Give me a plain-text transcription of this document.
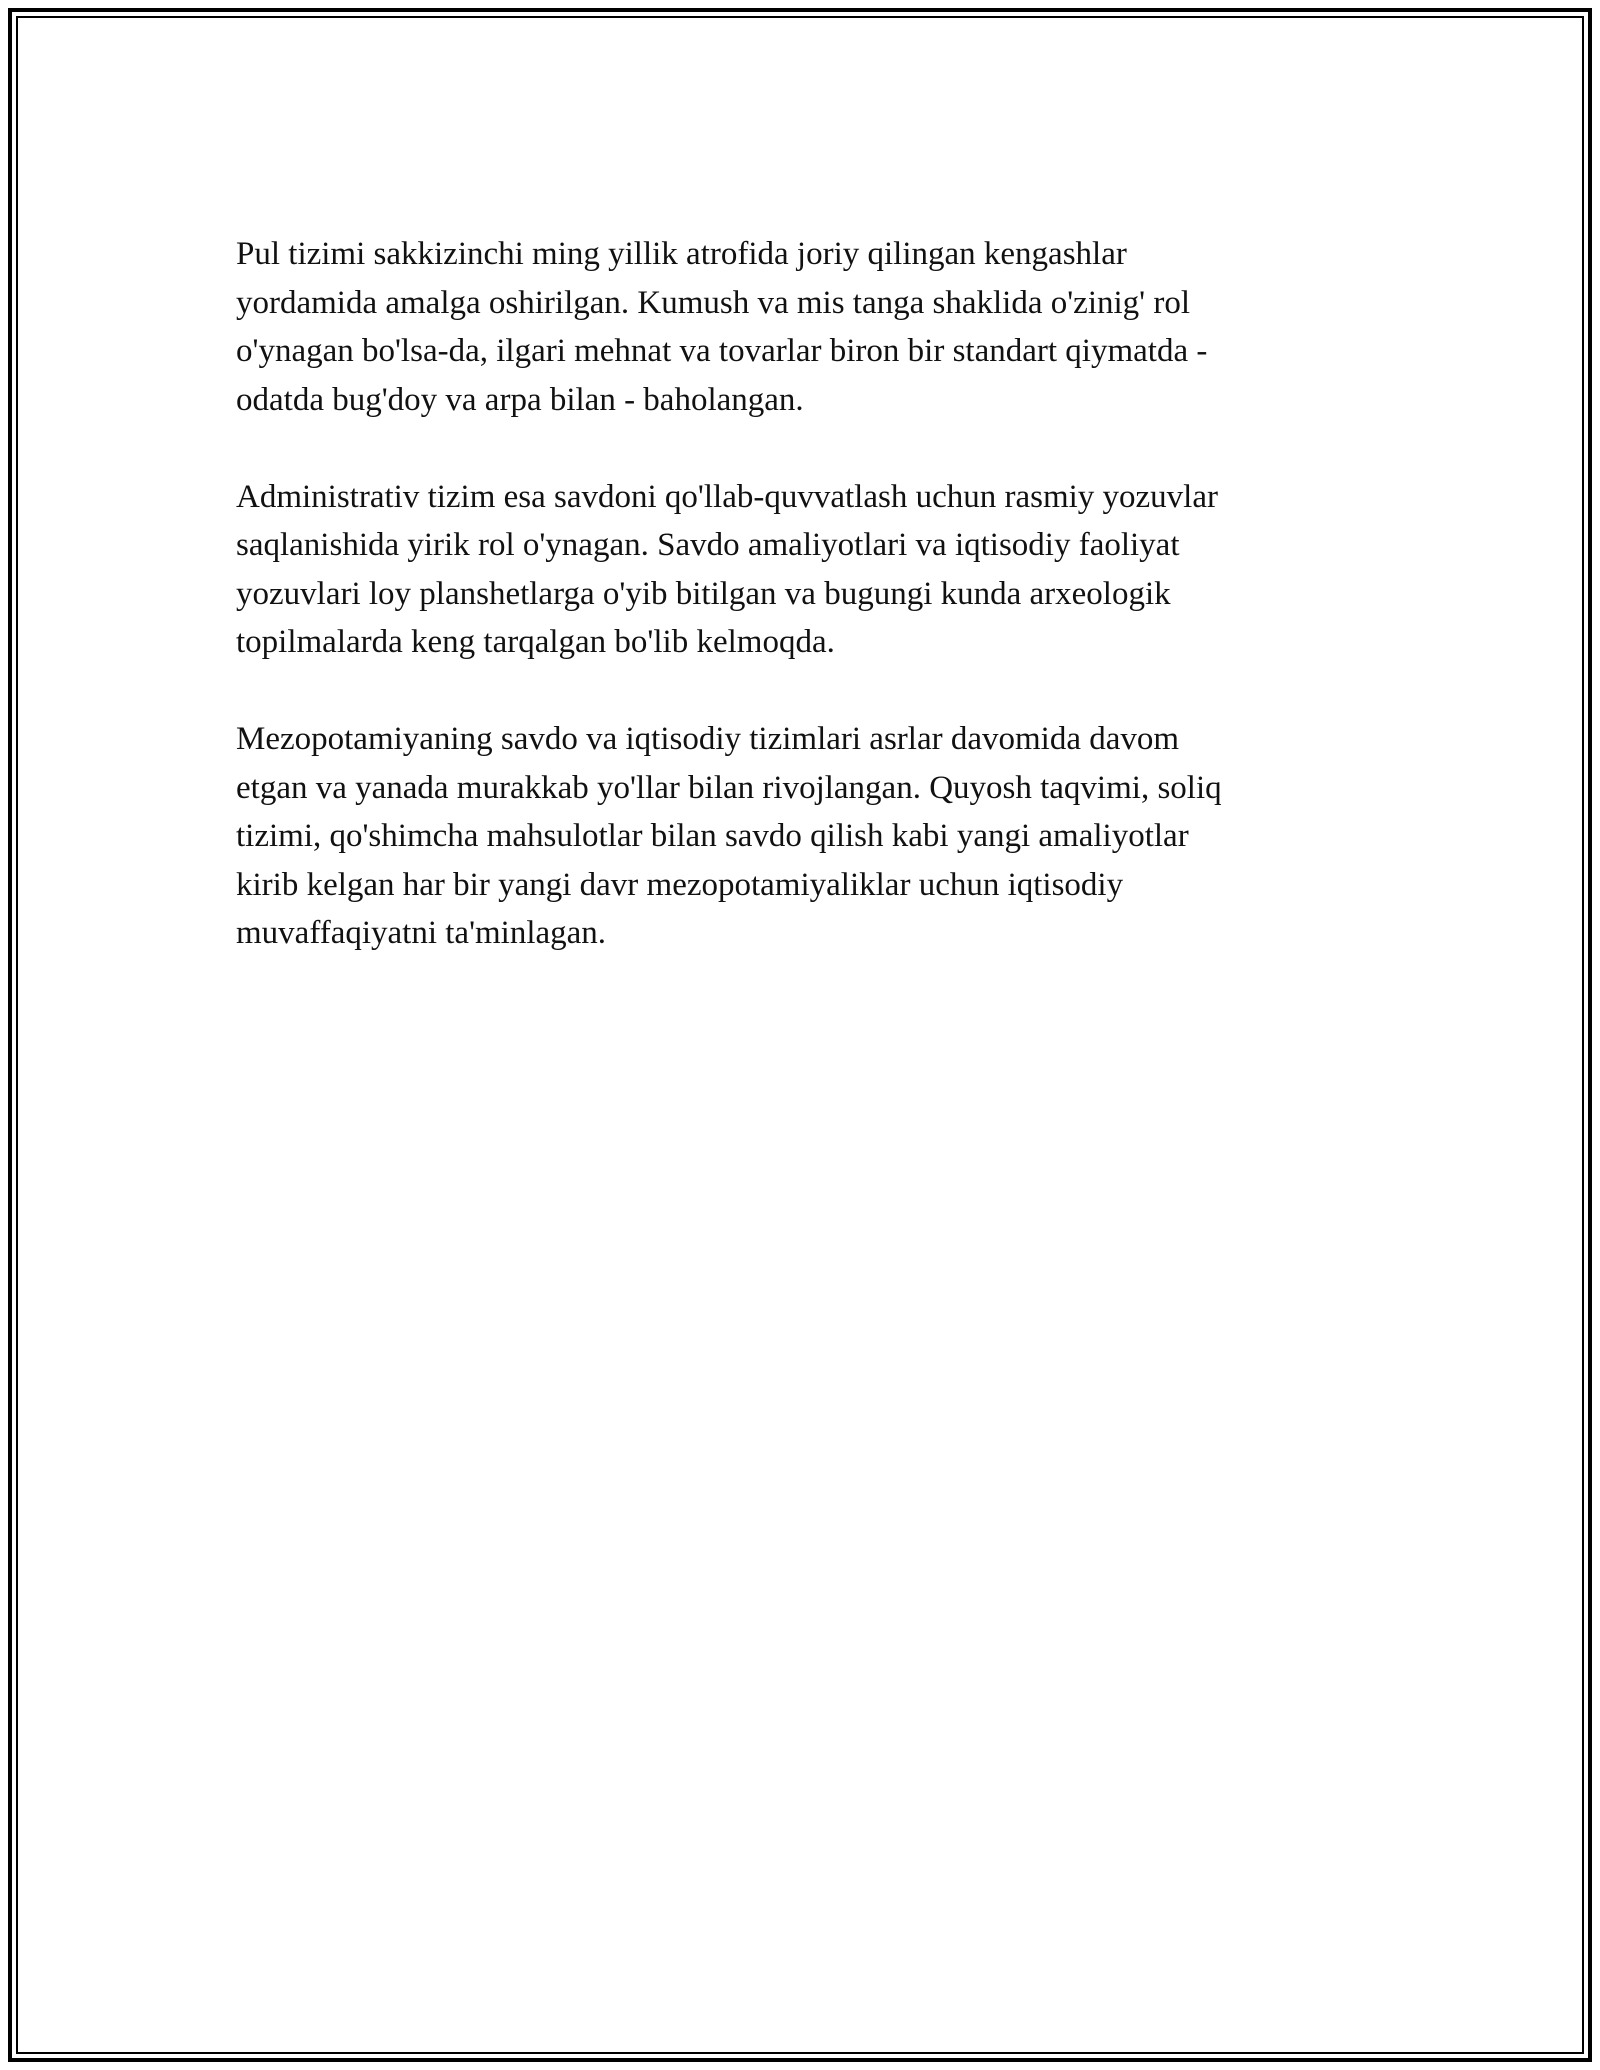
Pul tizimi sakkizinchi ming yillik atrofida joriy qilingan kengashlar
yordamida amalga oshirilgan. Kumush va mis tanga shaklida o'zinig' rol
o'ynagan bo'lsa-da, ilgari mehnat va tovarlar biron bir standart qiymatda -
odatda bug'doy va arpa bilan - baholangan.

Administrativ tizim esa savdoni qo'llab-quvvatlash uchun rasmiy yozuvlar
saqlanishida yirik rol o'ynagan. Savdo amaliyotlari va iqtisodiy faoliyat
yozuvlari loy planshetlarga o'yib bitilgan va bugungi kunda arxeologik
topilmalarda keng tarqalgan bo'lib kelmoqda.

Mezopotamiyaning savdo va iqtisodiy tizimlari asrlar davomida davom
etgan va yanada murakkab yo'llar bilan rivojlangan. Quyosh taqvimi, soliq
tizimi, qo'shimcha mahsulotlar bilan savdo qilish kabi yangi amaliyotlar
kirib kelgan har bir yangi davr mezopotamiyaliklar uchun iqtisodiy
muvaffaqiyatni ta'minlagan.
